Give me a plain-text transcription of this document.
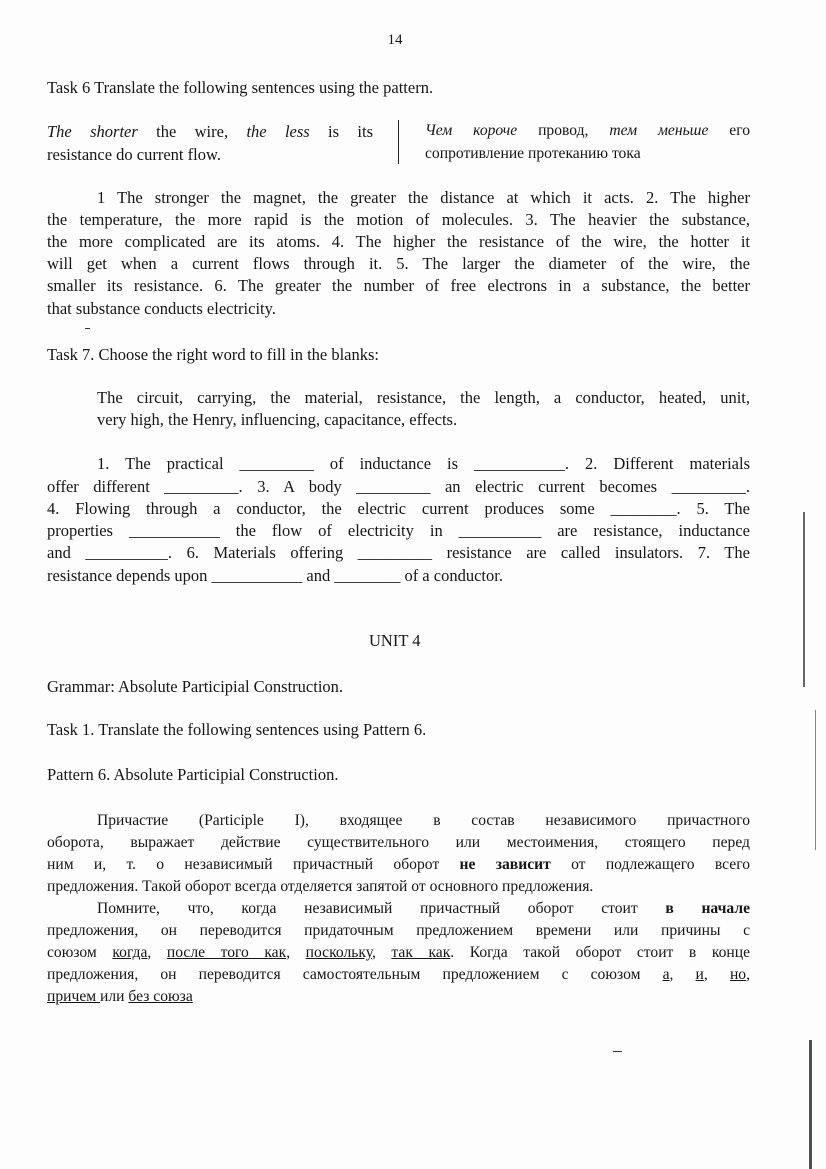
14
Task 6 Translate the following sentences using the pattern.
The shorter the wire, the less is its
resistance do current flow.
Чем короче провод, тем меньше его
сопротивление протеканию тока
1 The stronger the magnet, the greater the distance at which it acts. 2. The higher
the temperature, the more rapid is the motion of molecules. 3. The heavier the substance,
the more complicated are its atoms. 4. The higher the resistance of the wire, the hotter it
will get when a current flows through it. 5. The larger the diameter of the wire, the
smaller its resistance. 6. The greater the number of free electrons in a substance, the better
that substance conducts electricity.
Task 7. Choose the right word to fill in the blanks:
The circuit, carrying, the material, resistance, the length, a conductor, heated, unit,
very high, the Henry, influencing, capacitance, effects.
1. The practical _________ of inductance is ___________. 2. Different materials
offer different _________. 3. A body _________ an electric current becomes _________.
4. Flowing through a conductor, the electric current produces some ________. 5. The
properties ___________ the flow of electricity in __________ are resistance, inductance
and __________. 6. Materials offering _________ resistance are called insulators. 7. The
resistance depends upon ___________ and ________ of a conductor.
UNIT 4
Grammar: Absolute Participial Construction.
Task 1. Translate the following sentences using Pattern 6.
Pattern 6. Absolute Participial Construction.
Причастие (Participle I), входящее в состав независимого причастного
оборота, выражает действие существительного или местоимения, стоящего перед
ним и, т. о независимый причастный оборот не зависит от подлежащего всего
предложения. Такой оборот всегда отделяется запятой от основного предложения.
Помните, что, когда независимый причастный оборот стоит в начале
предложения, он переводится придаточным предложением времени или причины с
союзом когда, после того как, поскольку, так как. Когда такой оборот стоит в конце
предложения, он переводится самостоятельным предложением с союзом а, и, но,
причем или без союза
